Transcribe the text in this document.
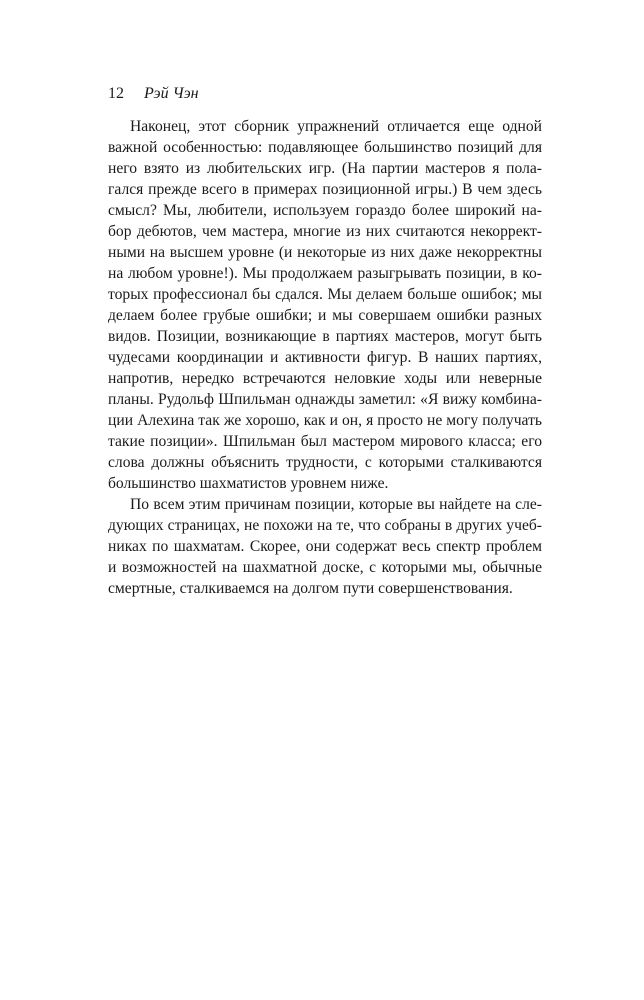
12 Рэй Чэн
Наконец, этот сборник упражнений отличается еще одной
важной особенностью: подавляющее большинство позиций для
него взято из любительских игр. (На партии мастеров я пола-
гался прежде всего в примерах позиционной игры.) В чем здесь
смысл? Мы, любители, используем гораздо более широкий на-
бор дебютов, чем мастера, многие из них считаются некоррект-
ными на высшем уровне (и некоторые из них даже некорректны
на любом уровне!). Мы продолжаем разыгрывать позиции, в ко-
торых профессионал бы сдался. Мы делаем больше ошибок; мы
делаем более грубые ошибки; и мы совершаем ошибки разных
видов. Позиции, возникающие в партиях мастеров, могут быть
чудесами координации и активности фигур. В наших партиях,
напротив, нередко встречаются неловкие ходы или неверные
планы. Рудольф Шпильман однажды заметил: «Я вижу комбина-
ции Алехина так же хорошо, как и он, я просто не могу получать
такие позиции». Шпильман был мастером мирового класса; его
слова должны объяснить трудности, с которыми сталкиваются
большинство шахматистов уровнем ниже.
По всем этим причинам позиции, которые вы найдете на сле-
дующих страницах, не похожи на те, что собраны в других учеб-
никах по шахматам. Скорее, они содержат весь спектр проблем
и возможностей на шахматной доске, с которыми мы, обычные
смертные, сталкиваемся на долгом пути совершенствования.
